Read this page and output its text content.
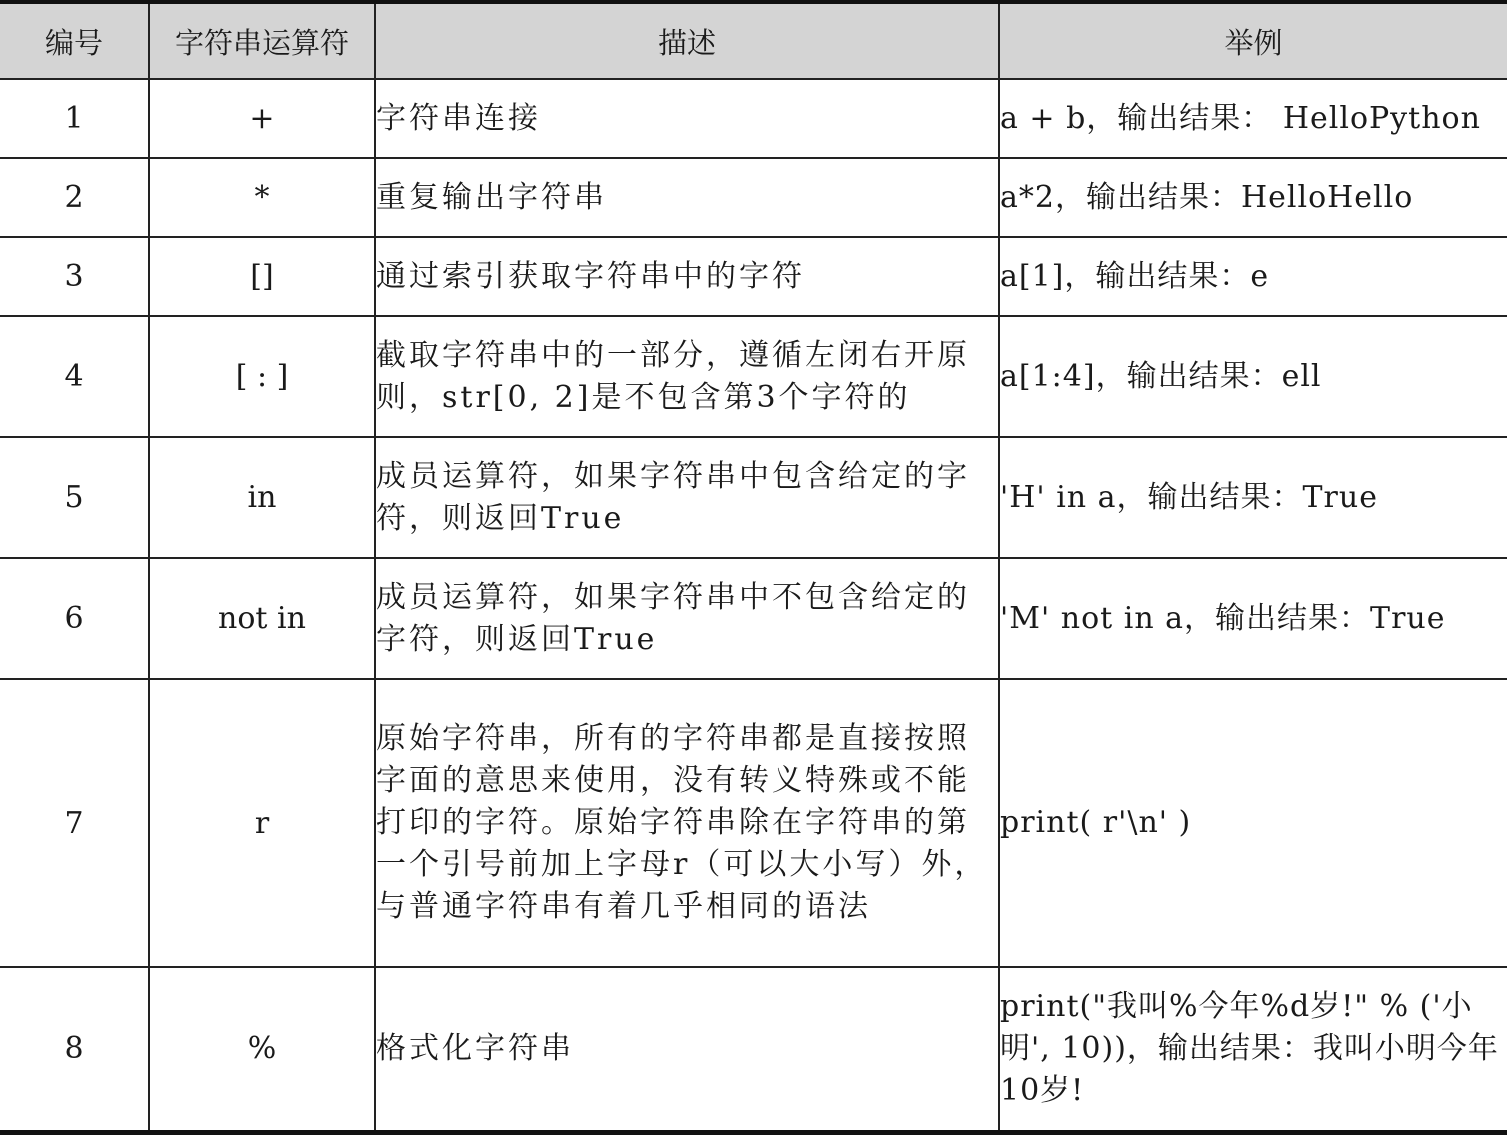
编号	字符串运算符	描述	举例
1	+	字符串连接	a + b，输出结果： HelloPython
2	*	重复输出字符串	a*2，输出结果：HelloHello
3	[]	通过索引获取字符串中的字符	a[1]，输出结果：e
4	[ : ]	截取字符串中的一部分，遵循左闭右开原则，str[0, 2]是不包含第3个字符的	a[1:4]，输出结果：ell
5	in	成员运算符，如果字符串中包含给定的字符，则返回True	'H' in a，输出结果：True
6	not in	成员运算符，如果字符串中不包含给定的字符，则返回True	'M' not in a，输出结果：True
7	r	原始字符串，所有的字符串都是直接按照字面的意思来使用，没有转义特殊或不能打印的字符。原始字符串除在字符串的第一个引号前加上字母r（可以大小写）外，与普通字符串有着几乎相同的语法	print( r'\n' )
8	%	格式化字符串	print("我叫%今年%d岁!" % ('小明', 10))，输出结果：我叫小明今年10岁!
